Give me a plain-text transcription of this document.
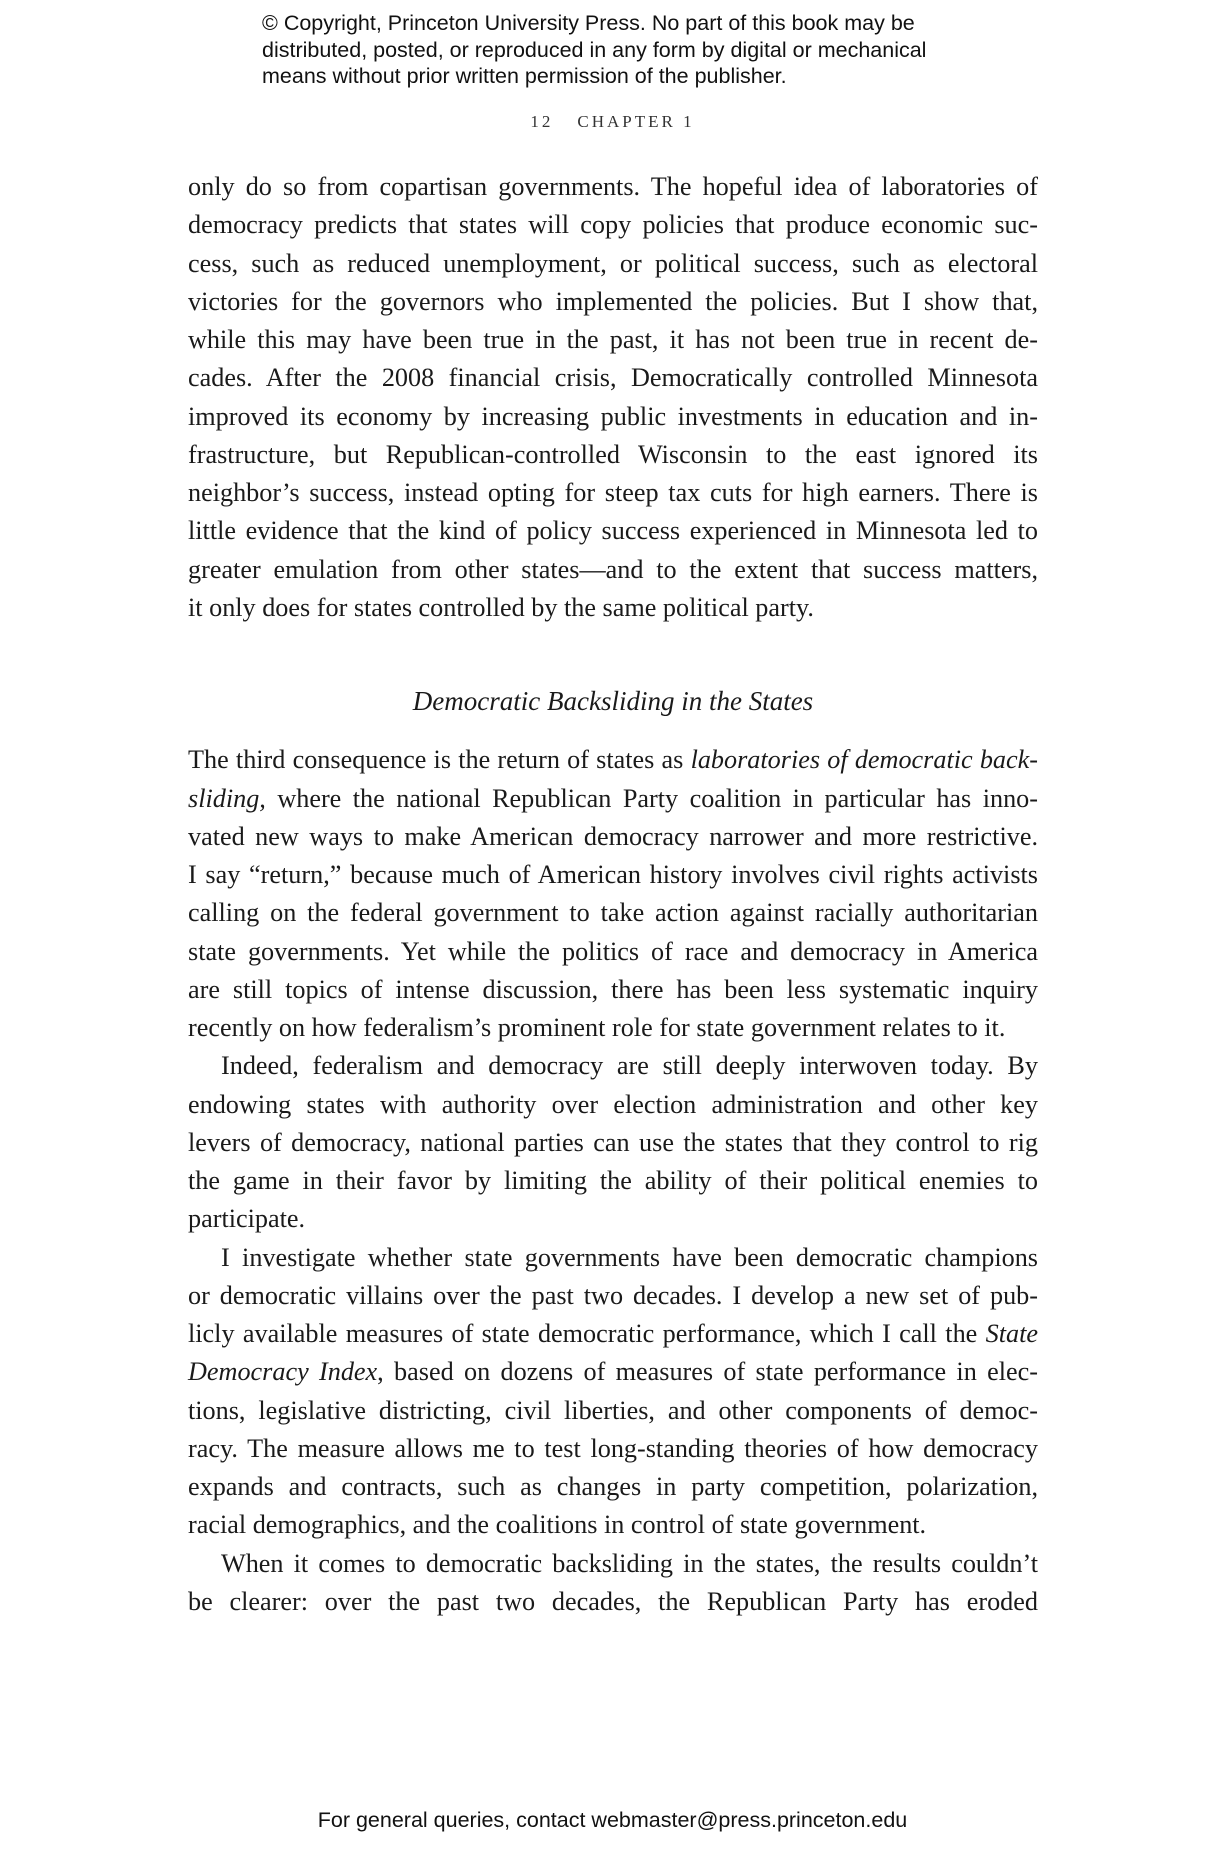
© Copyright, Princeton University Press. No part of this book may be
distributed, posted, or reproduced in any form by digital or mechanical
means without prior written permission of the publisher.
12 CHAPTER 1
only do so from copartisan governments. The hopeful idea of laboratories of
democracy predicts that states will copy policies that produce economic suc-
cess, such as reduced unemployment, or political success, such as electoral
victories for the governors who implemented the policies. But I show that,
while this may have been true in the past, it has not been true in recent de-
cades. After the 2008 financial crisis, Democratically controlled Minnesota
improved its economy by increasing public investments in education and in-
frastructure, but Republican-controlled Wisconsin to the east ignored its
neighbor’s success, instead opting for steep tax cuts for high earners. There is
little evidence that the kind of policy success experienced in Minnesota led to
greater emulation from other states—and to the extent that success matters,
it only does for states controlled by the same political party.
Democratic Backsliding in the States
The third consequence is the return of states as laboratories of democratic back-
sliding, where the national Republican Party coalition in particular has inno-
vated new ways to make American democracy narrower and more restrictive.
I say “return,” because much of American history involves civil rights activists
calling on the federal government to take action against racially authoritarian
state governments. Yet while the politics of race and democracy in America
are still topics of intense discussion, there has been less systematic inquiry
recently on how federalism’s prominent role for state government relates to it.
Indeed, federalism and democracy are still deeply interwoven today. By
endowing states with authority over election administration and other key
levers of democracy, national parties can use the states that they control to rig
the game in their favor by limiting the ability of their political enemies to
participate.
I investigate whether state governments have been democratic champions
or democratic villains over the past two decades. I develop a new set of pub-
licly available measures of state democratic performance, which I call the State
Democracy Index, based on dozens of measures of state performance in elec-
tions, legislative districting, civil liberties, and other components of democ-
racy. The measure allows me to test long-standing theories of how democracy
expands and contracts, such as changes in party competition, polarization,
racial demographics, and the coalitions in control of state government.
When it comes to democratic backsliding in the states, the results couldn’t
be clearer: over the past two decades, the Republican Party has eroded
For general queries, contact webmaster@press.princeton.edu
